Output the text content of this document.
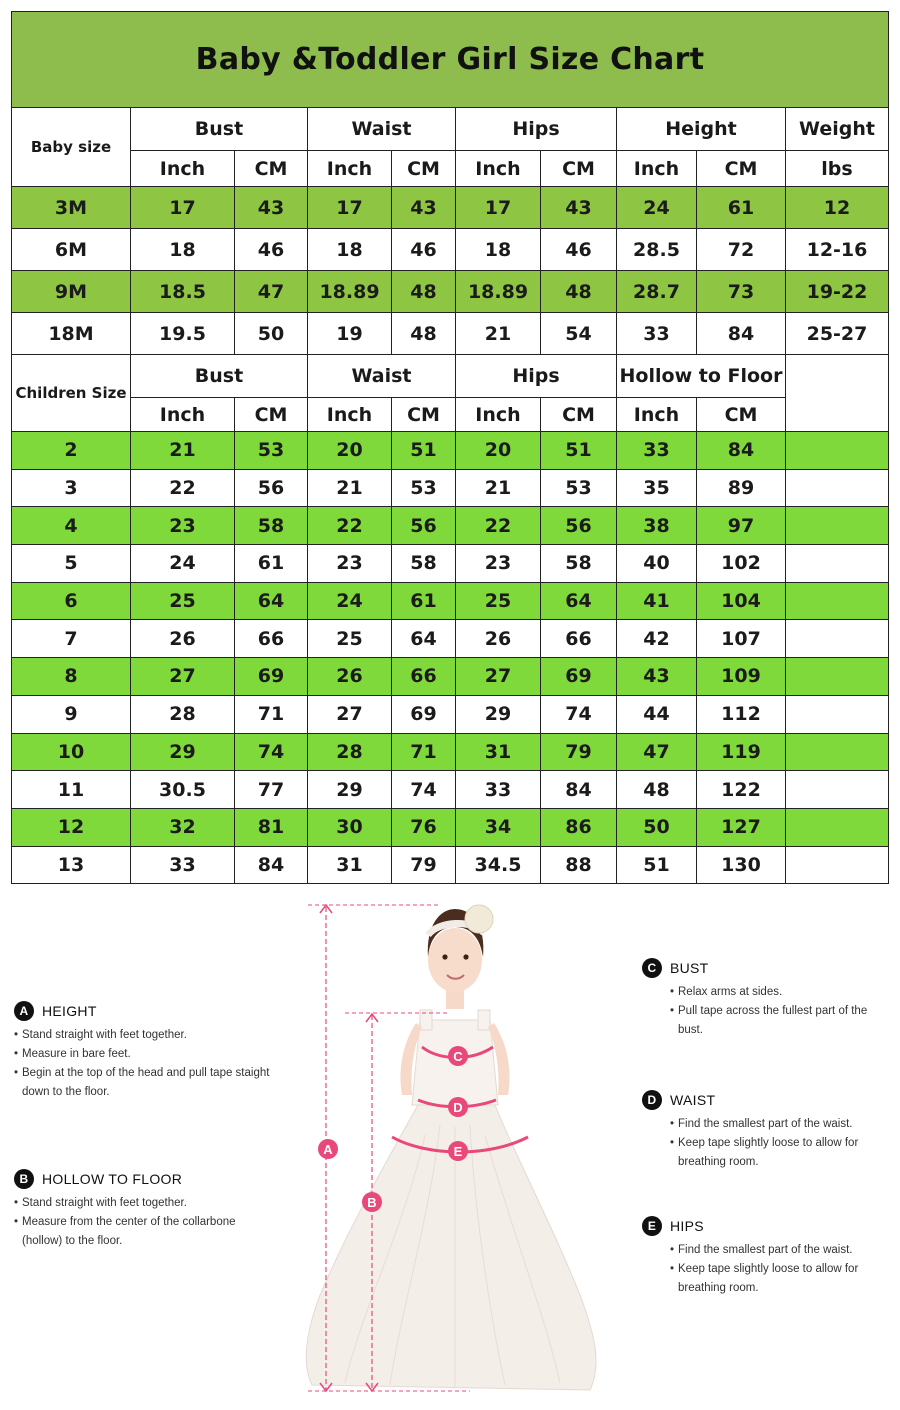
Baby &Toddler Girl Size Chart									
Baby size	Bust		Waist		Hips		Height		Weight
	Inch	CM	Inch	CM	Inch	CM	Inch	CM	lbs
3M	17	43	17	43	17	43	24	61	12
6M	18	46	18	46	18	46	28.5	72	12-16
9M	18.5	47	18.89	48	18.89	48	28.7	73	19-22
18M	19.5	50	19	48	21	54	33	84	25-27
Children Size	Bust		Waist		Hips		Hollow to Floor		
	Inch	CM	Inch	CM	Inch	CM	Inch	CM	
2	21	53	20	51	20	51	33	84	
3	22	56	21	53	21	53	35	89	
4	23	58	22	56	22	56	38	97	
5	24	61	23	58	23	58	40	102	
6	25	64	24	61	25	64	41	104	
7	26	66	25	64	26	66	42	107	
8	27	69	26	66	27	69	43	109	
9	28	71	27	69	29	74	44	112	
10	29	74	28	71	31	79	47	119	
11	30.5	77	29	74	33	84	48	122	
12	32	81	30	76	34	86	50	127	
13	33	84	31	79	34.5	88	51	130	
A HEIGHT
• Stand straight with feet together.
• Measure in bare feet.
• Begin at the top of the head and pull tape staight down to the floor.
B HOLLOW TO FLOOR
• Stand straight with feet together.
• Measure from the center of the collarbone (hollow) to the floor.
C BUST
• Relax arms at sides.
• Pull tape across the fullest part of the bust.
D WAIST
• Find the smallest part of the waist.
• Keep tape slightly loose to allow for breathing room.
E HIPS
• Find the smallest part of the waist.
• Keep tape slightly loose to allow for breathing room.
A
B
C
D
E
